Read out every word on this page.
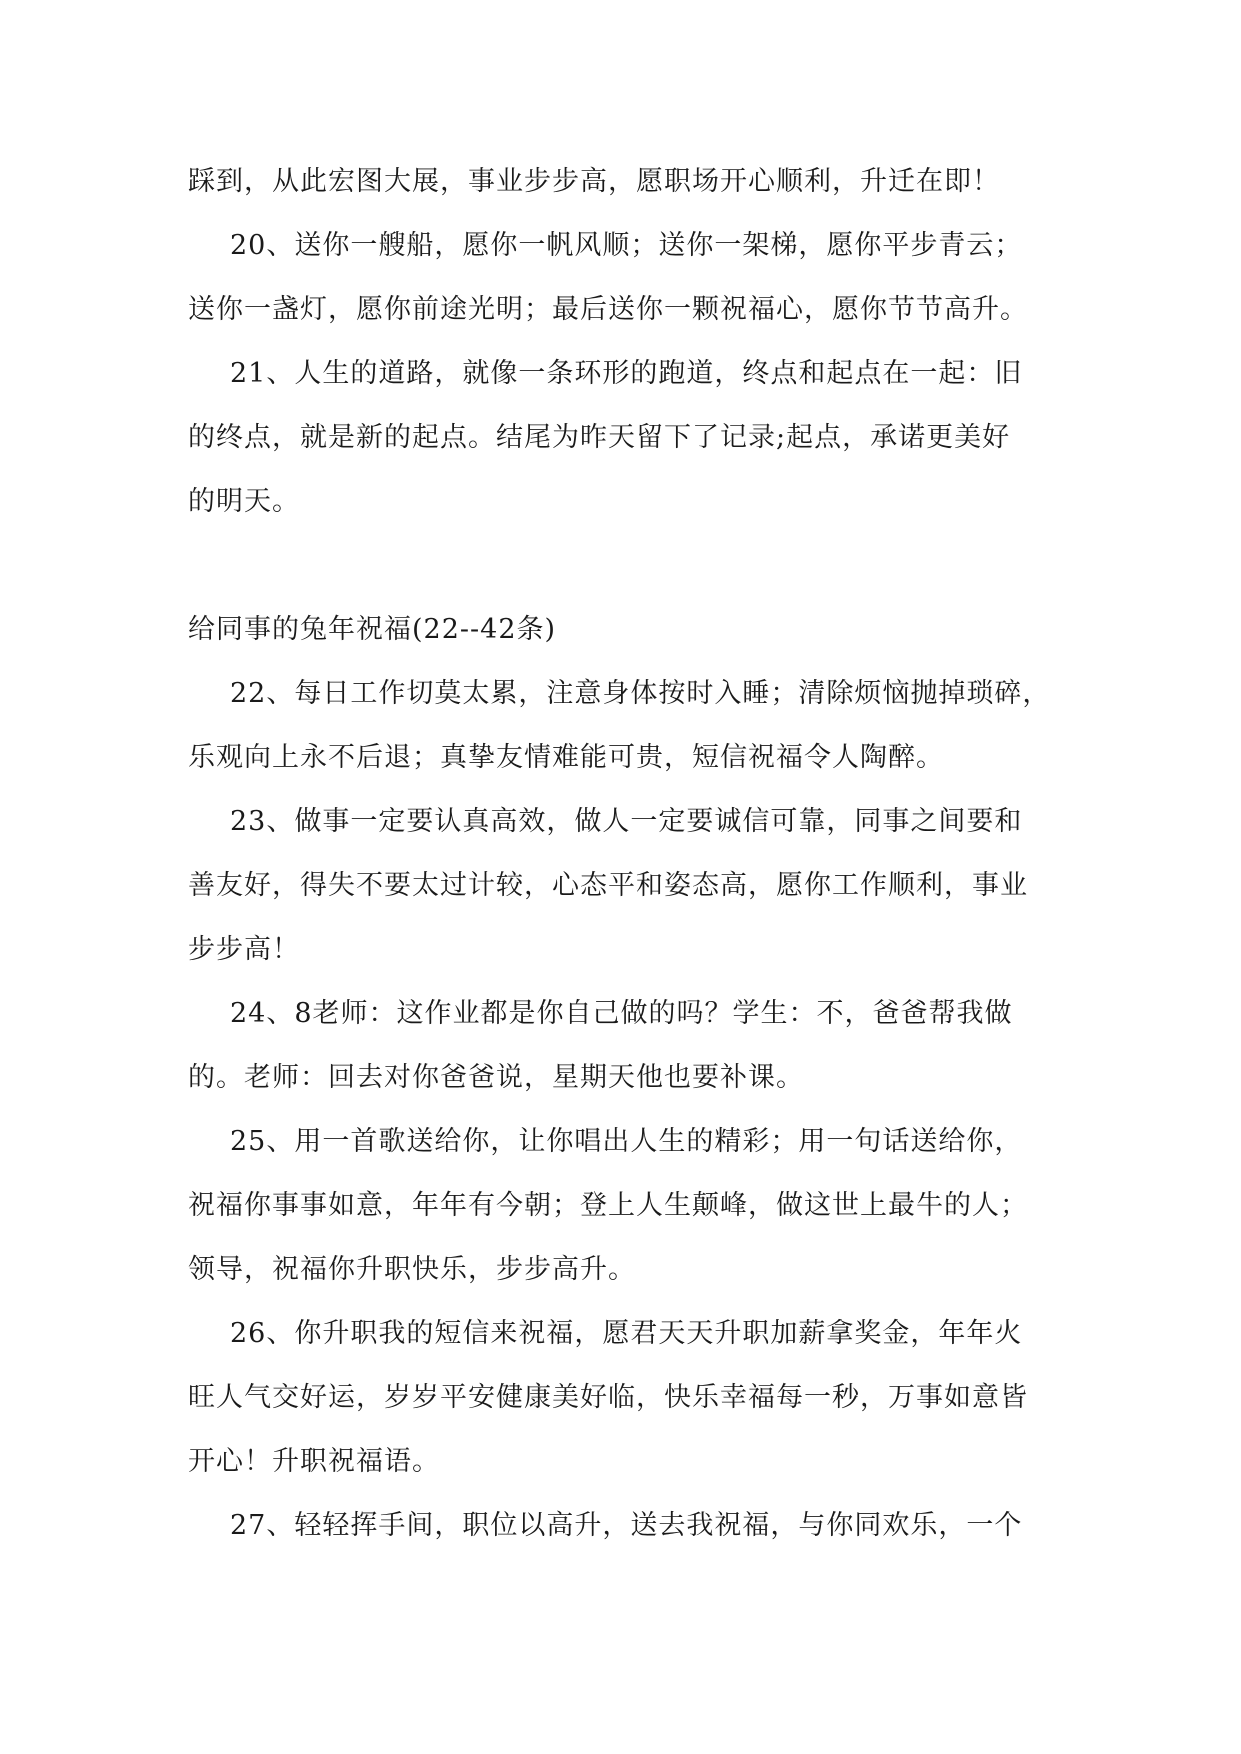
踩到，从此宏图大展，事业步步高，愿职场开心顺利，升迁在即！
20、送你一艘船，愿你一帆风顺；送你一架梯，愿你平步青云；
送你一盏灯，愿你前途光明；最后送你一颗祝福心，愿你节节高升。
21、人生的道路，就像一条环形的跑道，终点和起点在一起：旧
的终点，就是新的起点。结尾为昨天留下了记录;起点，承诺更美好
的明天。
给同事的兔年祝福(22--42条)
22、每日工作切莫太累，注意身体按时入睡；清除烦恼抛掉琐碎，
乐观向上永不后退；真挚友情难能可贵，短信祝福令人陶醉。
23、做事一定要认真高效，做人一定要诚信可靠，同事之间要和
善友好，得失不要太过计较，心态平和姿态高，愿你工作顺利，事业
步步高！
24、8老师：这作业都是你自己做的吗？学生：不，爸爸帮我做
的。老师：回去对你爸爸说，星期天他也要补课。
25、用一首歌送给你，让你唱出人生的精彩；用一句话送给你，
祝福你事事如意，年年有今朝；登上人生颠峰，做这世上最牛的人；
领导，祝福你升职快乐，步步高升。
26、你升职我的短信来祝福，愿君天天升职加薪拿奖金，年年火
旺人气交好运，岁岁平安健康美好临，快乐幸福每一秒，万事如意皆
开心！升职祝福语。
27、轻轻挥手间，职位以高升，送去我祝福，与你同欢乐，一个
